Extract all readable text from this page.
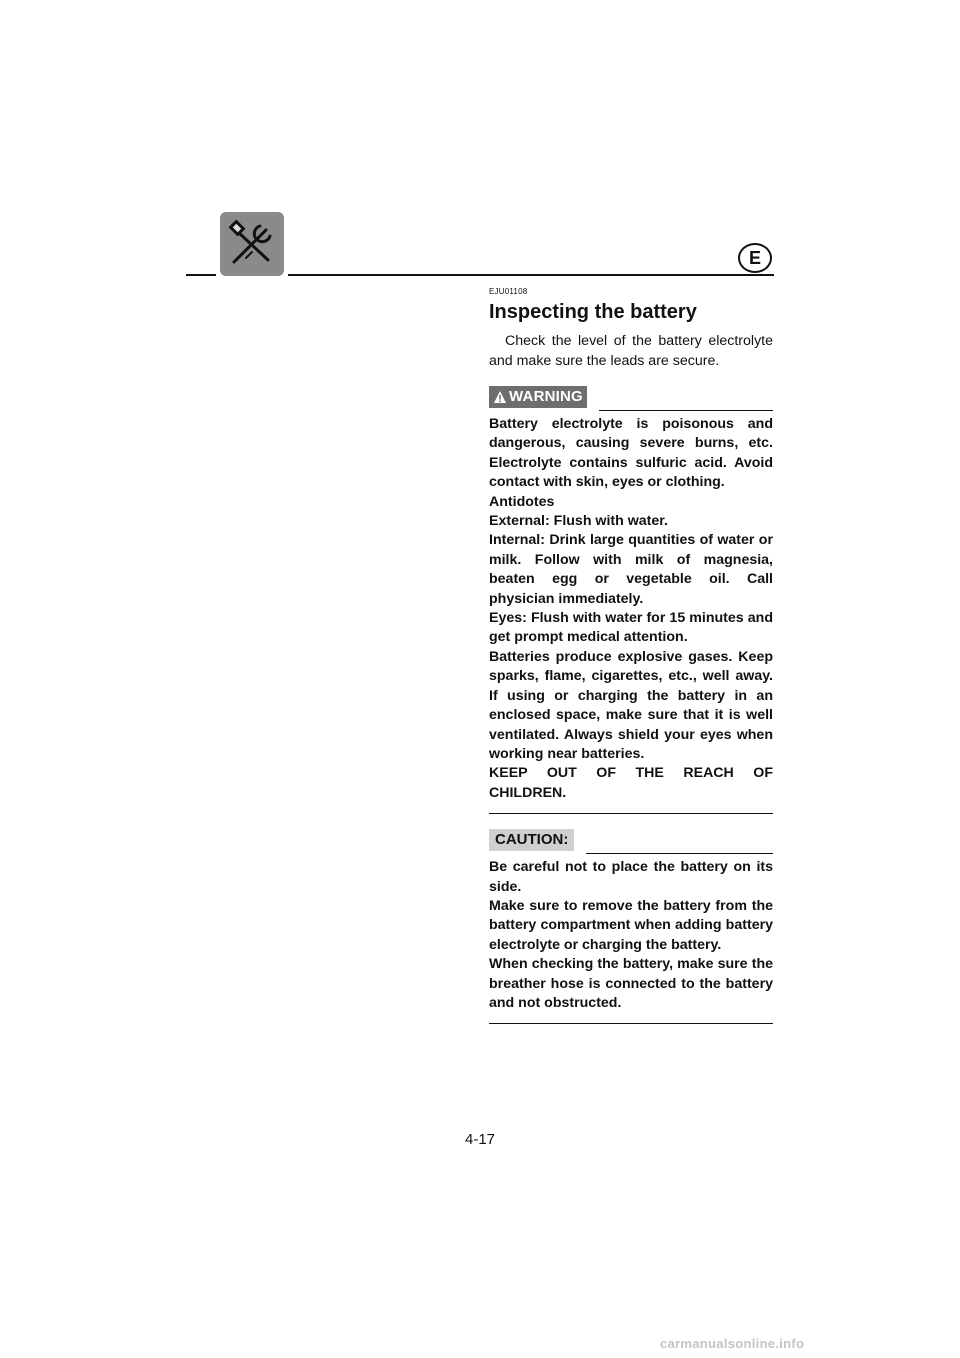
E

EJU01108

Inspecting the battery

Check the level of the battery electrolyte and make sure the leads are secure.

WARNING

Battery electrolyte is poisonous and dangerous, causing severe burns, etc. Electrolyte contains sulfuric acid. Avoid contact with skin, eyes or clothing.

Antidotes

External: Flush with water.

Internal: Drink large quantities of water or milk. Follow with milk of magnesia, beaten egg or vegetable oil. Call physician immediately.

Eyes: Flush with water for 15 minutes and get prompt medical attention.

Batteries produce explosive gases. Keep sparks, flame, cigarettes, etc., well away. If using or charging the battery in an enclosed space, make sure that it is well ventilated. Always shield your eyes when working near batteries.

KEEP OUT OF THE REACH OF CHILDREN.

CAUTION:

Be careful not to place the battery on its side.

Make sure to remove the battery from the battery compartment when adding battery electrolyte or charging the battery.

When checking the battery, make sure the breather hose is connected to the battery and not obstructed.

4-17
carmanualsonline.info
